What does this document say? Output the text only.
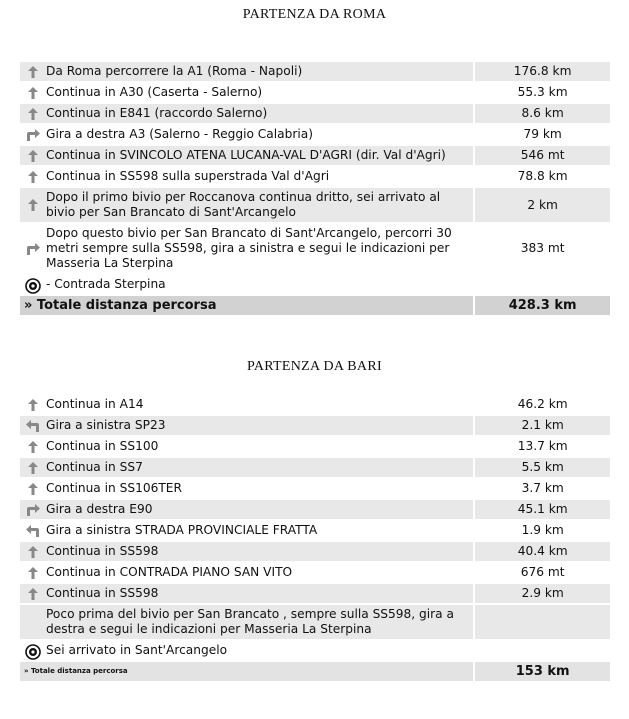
PARTENZA DA ROMA
Da Roma percorrere la A1 (Roma - Napoli)	176.8 km

Continua in A30 (Caserta - Salerno)	55.3 km

Continua in E841 (raccordo Salerno)	8.6 km

Gira a destra A3 (Salerno - Reggio Calabria)	79 km

Continua in SVINCOLO ATENA LUCANA-VAL D'AGRI (dir. Val d'Agri)	546 mt

Continua in SS598 sulla superstrada Val d'Agri	78.8 km

Dopo il primo bivio per Roccanova continua dritto, sei arrivato al bivio per San Brancato di Sant'Arcangelo	2 km

Dopo questo bivio per San Brancato di Sant'Arcangelo, percorri 30 metri sempre sulla SS598, gira a sinistra e segui le indicazioni per Masseria La Sterpina	383 mt

- Contrada Sterpina	

» Totale distanza percorsa	428.3 km
PARTENZA DA BARI
Continua in A14	46.2 km

Gira a sinistra SP23	2.1 km

Continua in SS100	13.7 km

Continua in SS7	5.5 km

Continua in SS106TER	3.7 km

Gira a destra E90	45.1 km

Gira a sinistra STRADA PROVINCIALE FRATTA	1.9 km

Continua in SS598	40.4 km

Continua in CONTRADA PIANO SAN VITO	676 mt

Continua in SS598	2.9 km

Poco prima del bivio per San Brancato , sempre sulla SS598, gira a destra e segui le indicazioni per Masseria La Sterpina	

Sei arrivato in Sant'Arcangelo	

» Totale distanza percorsa	153 km
